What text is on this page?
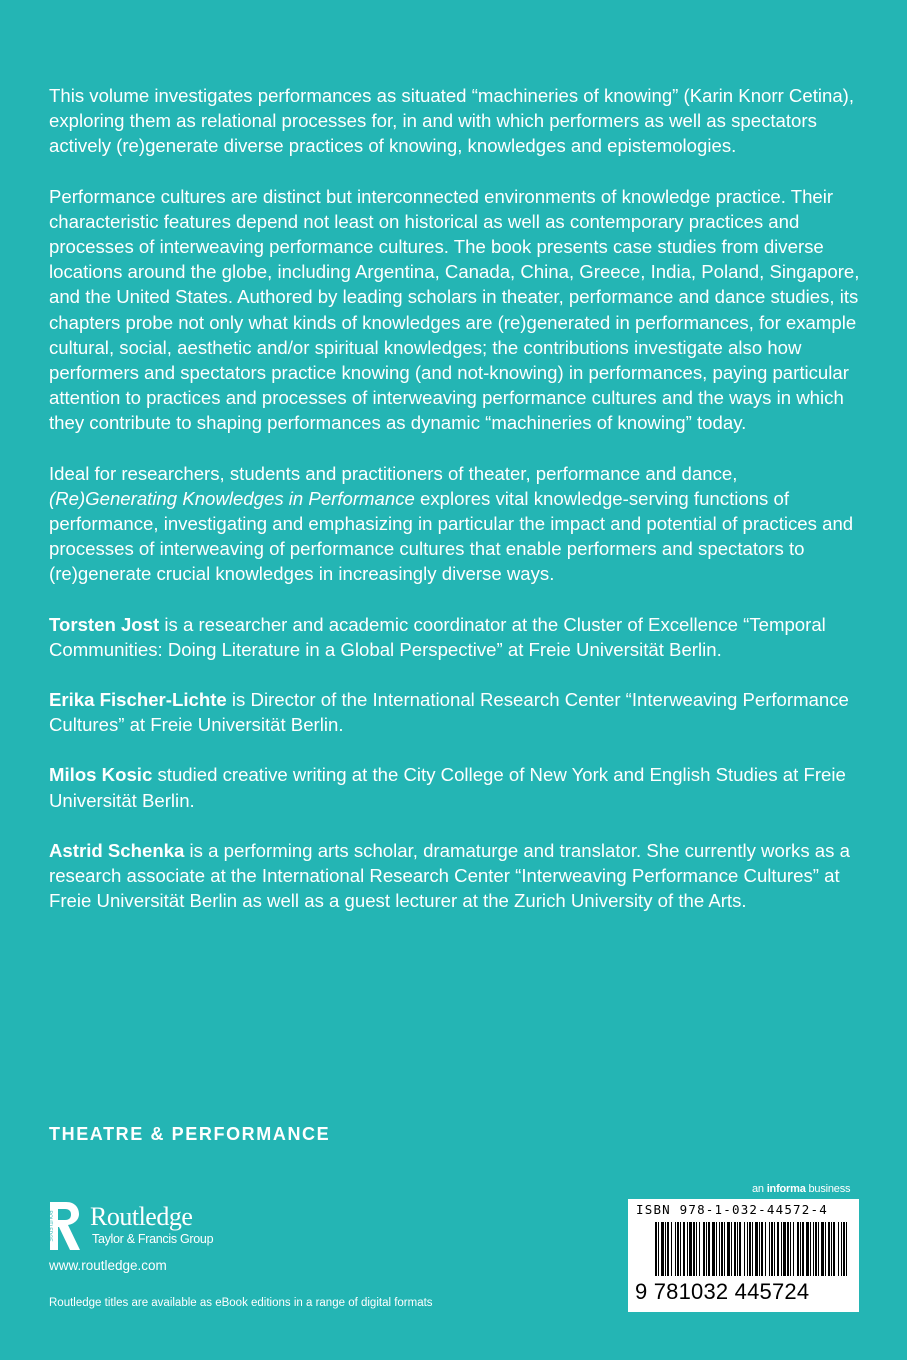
This volume investigates performances as situated “machineries of knowing” (Karin Knorr Cetina), exploring them as relational processes for, in and with which performers as well as spectators actively (re)generate diverse practices of knowing, knowledges and epistemologies.

Performance cultures are distinct but interconnected environments of knowledge practice. Their characteristic features depend not least on historical as well as contemporary practices and processes of interweaving performance cultures. The book presents case studies from diverse locations around the globe, including Argentina, Canada, China, Greece, India, Poland, Singapore, and the United States. Authored by leading scholars in theater, performance and dance studies, its chapters probe not only what kinds of knowledges are (re)generated in performances, for example cultural, social, aesthetic and/or spiritual knowledges; the contributions investigate also how performers and spectators practice knowing (and not-knowing) in performances, paying particular attention to practices and processes of interweaving performance cultures and the ways in which they contribute to shaping performances as dynamic “machineries of knowing” today.

Ideal for researchers, students and practitioners of theater, performance and dance,
(Re)Generating Knowledges in Performance explores vital knowledge-serving functions of performance, investigating and emphasizing in particular the impact and potential of practices and processes of interweaving of performance cultures that enable performers and spectators to (re)generate crucial knowledges in increasingly diverse ways.

Torsten Jost is a researcher and academic coordinator at the Cluster of Excellence “Temporal Communities: Doing Literature in a Global Perspective” at Freie Universität Berlin.

Erika Fischer-Lichte is Director of the International Research Center “Interweaving Performance Cultures” at Freie Universität Berlin.

Milos Kosic studied creative writing at the City College of New York and English Studies at Freie Universität Berlin.

Astrid Schenka is a performing arts scholar, dramaturge and translator. She currently works as a research associate at the International Research Center “Interweaving Performance Cultures” at Freie Universität Berlin as well as a guest lecturer at the Zurich University of the Arts.

THEATRE & PERFORMANCE
an informa business
ROUTLEDGE Routledge
Taylor & Francis Group
www.routledge.com
Routledge titles are available as eBook editions in a range of digital formats
ISBN 978-1-032-44572-4
9 781032 445724
